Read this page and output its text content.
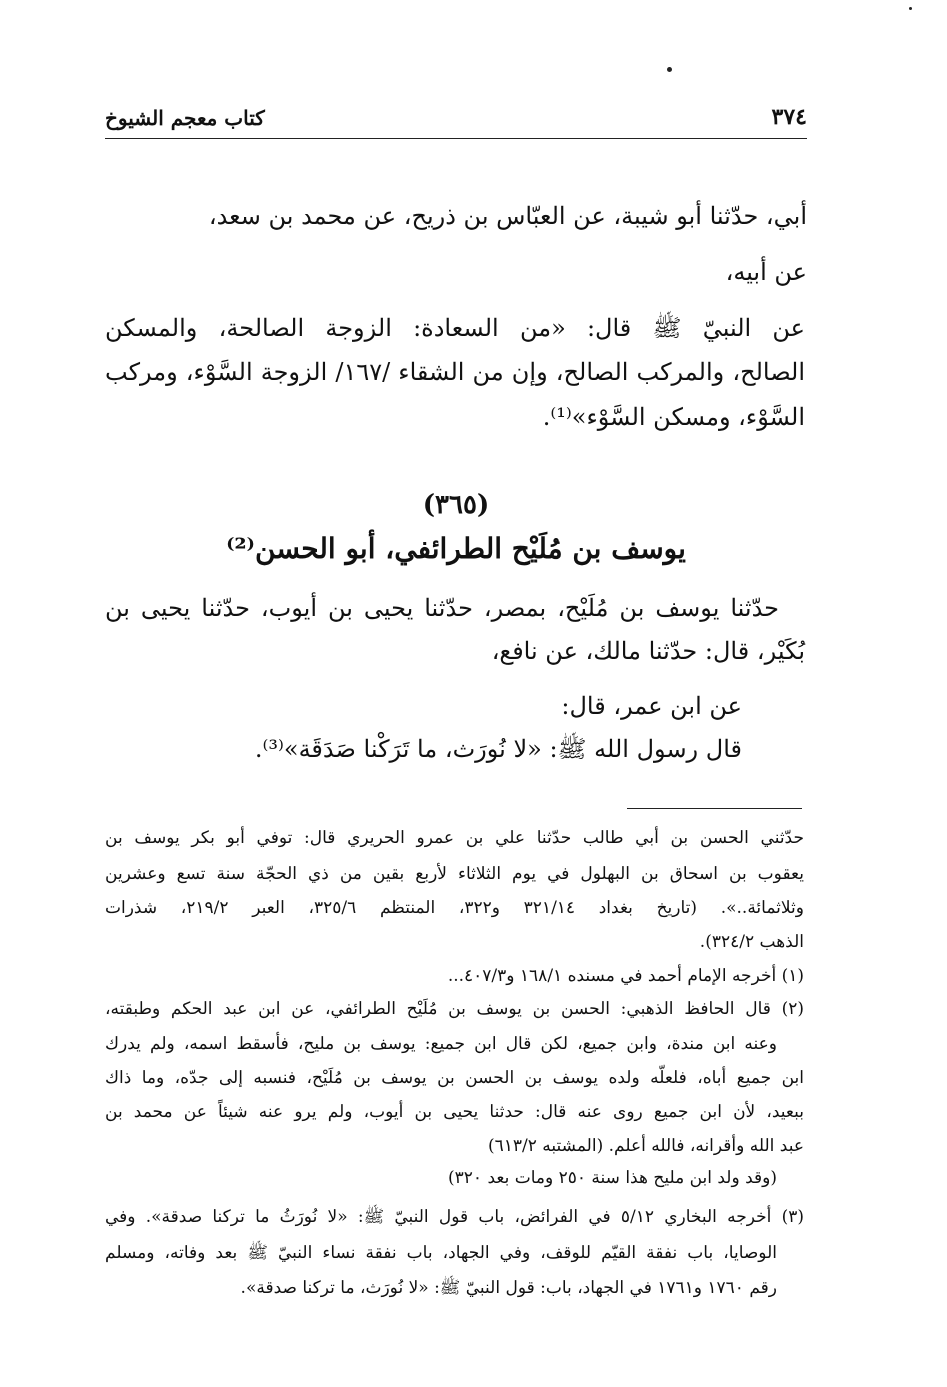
٣٧٤
كتاب معجم الشيوخ
أبي، حدّثنا أبو شيبة، عن العبّاس بن ذريح، عن محمد بن سعد،
عن أبيه،
عن النبيّ ﷺ قال: «من السعادة: الزوجة الصالحة، والمسكن
الصالح، والمركب الصالح، وإن من الشقاء /١٦٧/ الزوجة السَّوْء، ومركب
السَّوْء، ومسكن السَّوْء»⁽¹⁾.
(٣٦٥)
يوسف بن مُلَيْح الطرائفي، أبو الحسن⁽²⁾
حدّثنا يوسف بن مُلَيْح، بمصر، حدّثنا يحيى بن أيوب، حدّثنا يحيى بن
بُكَيْر، قال: حدّثنا مالك، عن نافع،
عن ابن عمر، قال:
قال رسول الله ﷺ: «لا نُورَث، ما تَرَكْنا صَدَقَة»⁽³⁾.
حدّثني الحسن بن أبي طالب حدّثنا علي بن عمرو الحريري قال: توفي أبو بكر يوسف بن
يعقوب بن اسحاق بن البهلول في يوم الثلاثاء لأربع بقين من ذي الحجّة سنة تسع وعشرين
وثلاثمائة..». (تاريخ بغداد ٣٢١/١٤ و٣٢٢، المنتظم ٣٢٥/٦، العبر ٢١٩/٢، شذرات
الذهب ٣٢٤/٢).
(١) أخرجه الإمام أحمد في مسنده ١٦٨/١ و٤٠٧/٣...
(٢) قال الحافظ الذهبي: الحسن بن يوسف بن مُلَيْح الطرائفي، عن ابن عبد الحكم وطبقته،
وعنه ابن مندة، وابن جميع، لكن قال ابن جميع: يوسف بن مليح، فأسقط اسمه، ولم يدرك
ابن جميع أباه، فلعلّه ولده يوسف بن الحسن بن يوسف بن مُلَيْح، فنسبه إلى جدّه، وما ذاك
ببعيد، لأن ابن جميع روى عنه قال: حدثنا يحيى بن أيوب، ولم يرو عنه شيئاً عن محمد بن
عبد الله وأقرانه، فالله أعلم. (المشتبه ٦١٣/٢)
(وقد ولد ابن مليح هذا سنة ٢٥٠ ومات بعد ٣٢٠)
(٣) أخرجه البخاري ٥/١٢ في الفرائض، باب قول النبيّ ﷺ: «لا نُورَثُ ما تركنا صدقة». وفي
الوصايا، باب نفقة القيّم للوقف، وفي الجهاد، باب نفقة نساء النبيّ ﷺ بعد وفاته، ومسلم
رقم ١٧٦٠ و١٧٦١ في الجهاد، باب: قول النبيّ ﷺ: «لا نُورَث، ما تركنا صدقة».
